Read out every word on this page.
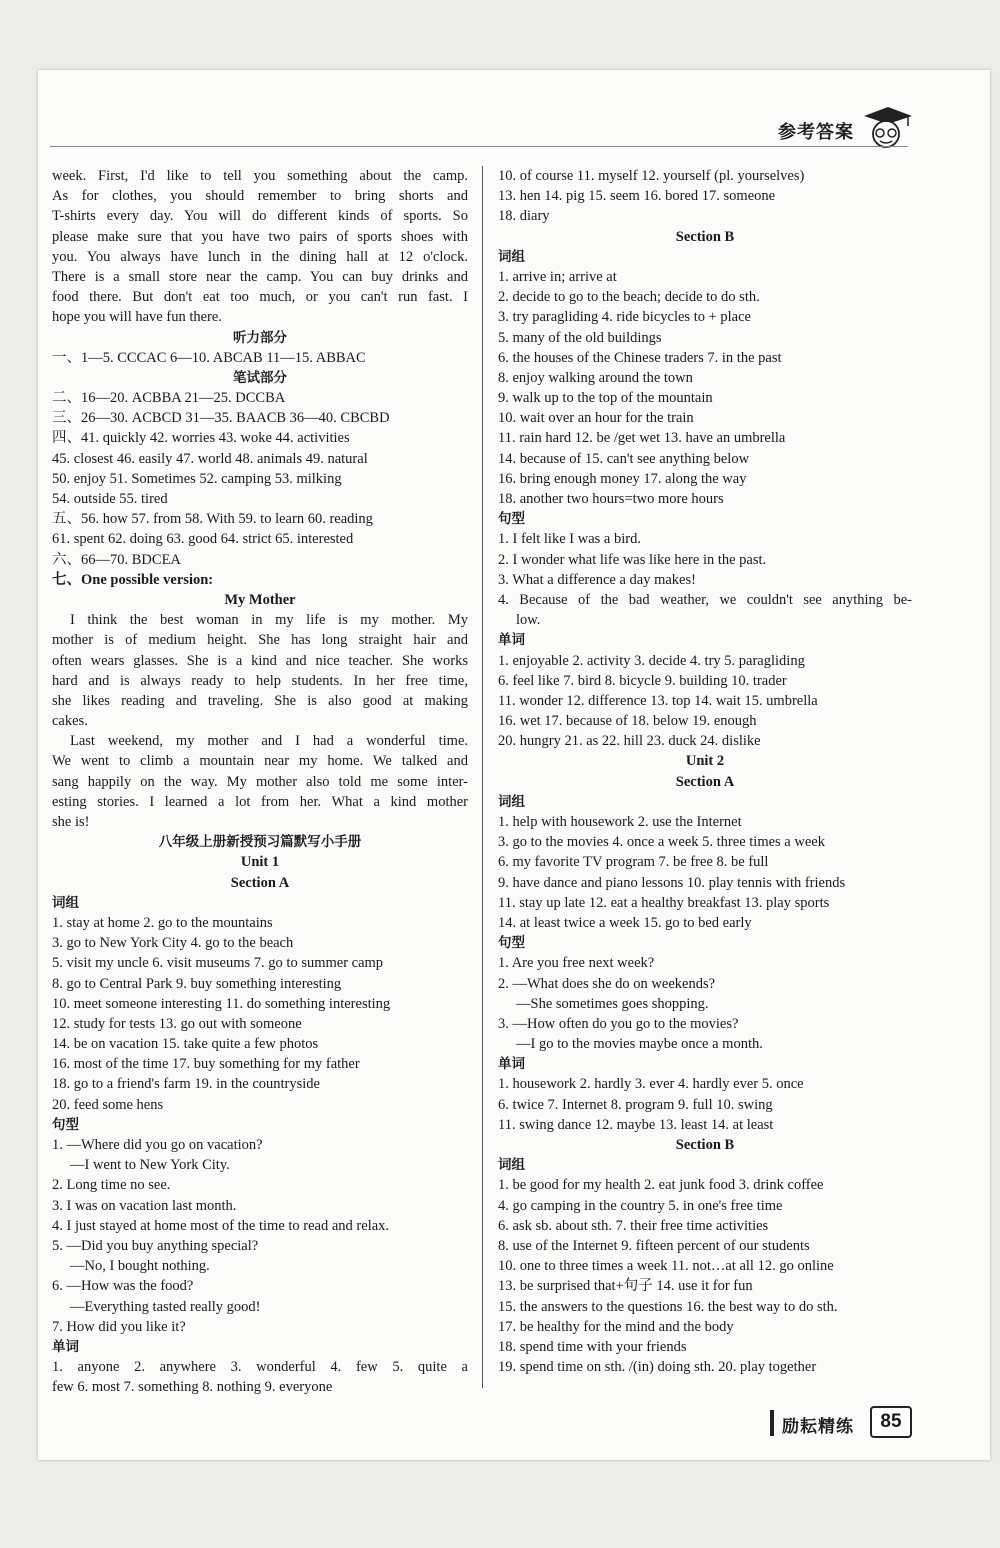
参考答案
week. First, I'd like to tell you something about the camp.
As for clothes, you should remember to bring shorts and
T-shirts every day. You will do different kinds of sports. So
please make sure that you have two pairs of sports shoes with
you. You always have lunch in the dining hall at 12 o'clock.
There is a small store near the camp. You can buy drinks and
food there. But don't eat too much, or you can't run fast. I
hope you will have fun there.
听力部分
一、1—5. CCCAC 6—10. ABCAB 11—15. ABBAC
笔试部分
二、16—20. ACBBA 21—25. DCCBA
三、26—30. ACBCD 31—35. BAACB 36—40. CBCBD
四、41. quickly 42. worries 43. woke 44. activities
45. closest 46. easily 47. world 48. animals 49. natural
50. enjoy 51. Sometimes 52. camping 53. milking
54. outside 55. tired
五、56. how 57. from 58. With 59. to learn 60. reading
61. spent 62. doing 63. good 64. strict 65. interested
六、66—70. BDCEA
七、One possible version:
My Mother
I think the best woman in my life is my mother. My
mother is of medium height. She has long straight hair and
often wears glasses. She is a kind and nice teacher. She works
hard and is always ready to help students. In her free time,
she likes reading and traveling. She is also good at making
cakes.
Last weekend, my mother and I had a wonderful time.
We went to climb a mountain near my home. We talked and
sang happily on the way. My mother also told me some inter-
esting stories. I learned a lot from her. What a kind mother
she is!
八年级上册新授预习篇默写小手册
Unit 1
Section A
词组
1. stay at home 2. go to the mountains
3. go to New York City 4. go to the beach
5. visit my uncle 6. visit museums 7. go to summer camp
8. go to Central Park 9. buy something interesting
10. meet someone interesting 11. do something interesting
12. study for tests 13. go out with someone
14. be on vacation 15. take quite a few photos
16. most of the time 17. buy something for my father
18. go to a friend's farm 19. in the countryside
20. feed some hens
句型
1. —Where did you go on vacation?
—I went to New York City.
2. Long time no see.
3. I was on vacation last month.
4. I just stayed at home most of the time to read and relax.
5. —Did you buy anything special?
—No, I bought nothing.
6. —How was the food?
—Everything tasted really good!
7. How did you like it?
单词
1. anyone 2. anywhere 3. wonderful 4. few 5. quite a
few 6. most 7. something 8. nothing 9. everyone
10. of course 11. myself 12. yourself (pl. yourselves)
13. hen 14. pig 15. seem 16. bored 17. someone
18. diary
Section B
词组
1. arrive in; arrive at
2. decide to go to the beach; decide to do sth.
3. try paragliding 4. ride bicycles to + place
5. many of the old buildings
6. the houses of the Chinese traders 7. in the past
8. enjoy walking around the town
9. walk up to the top of the mountain
10. wait over an hour for the train
11. rain hard 12. be /get wet 13. have an umbrella
14. because of 15. can't see anything below
16. bring enough money 17. along the way
18. another two hours=two more hours
句型
1. I felt like I was a bird.
2. I wonder what life was like here in the past.
3. What a difference a day makes!
4. Because of the bad weather, we couldn't see anything be-
low.
单词
1. enjoyable 2. activity 3. decide 4. try 5. paragliding
6. feel like 7. bird 8. bicycle 9. building 10. trader
11. wonder 12. difference 13. top 14. wait 15. umbrella
16. wet 17. because of 18. below 19. enough
20. hungry 21. as 22. hill 23. duck 24. dislike
Unit 2
Section A
词组
1. help with housework 2. use the Internet
3. go to the movies 4. once a week 5. three times a week
6. my favorite TV program 7. be free 8. be full
9. have dance and piano lessons 10. play tennis with friends
11. stay up late 12. eat a healthy breakfast 13. play sports
14. at least twice a week 15. go to bed early
句型
1. Are you free next week?
2. —What does she do on weekends?
—She sometimes goes shopping.
3. —How often do you go to the movies?
—I go to the movies maybe once a month.
单词
1. housework 2. hardly 3. ever 4. hardly ever 5. once
6. twice 7. Internet 8. program 9. full 10. swing
11. swing dance 12. maybe 13. least 14. at least
Section B
词组
1. be good for my health 2. eat junk food 3. drink coffee
4. go camping in the country 5. in one's free time
6. ask sb. about sth. 7. their free time activities
8. use of the Internet 9. fifteen percent of our students
10. one to three times a week 11. not…at all 12. go online
13. be surprised that+句子 14. use it for fun
15. the answers to the questions 16. the best way to do sth.
17. be healthy for the mind and the body
18. spend time with your friends
19. spend time on sth. /(in) doing sth. 20. play together
励耘精练	85
